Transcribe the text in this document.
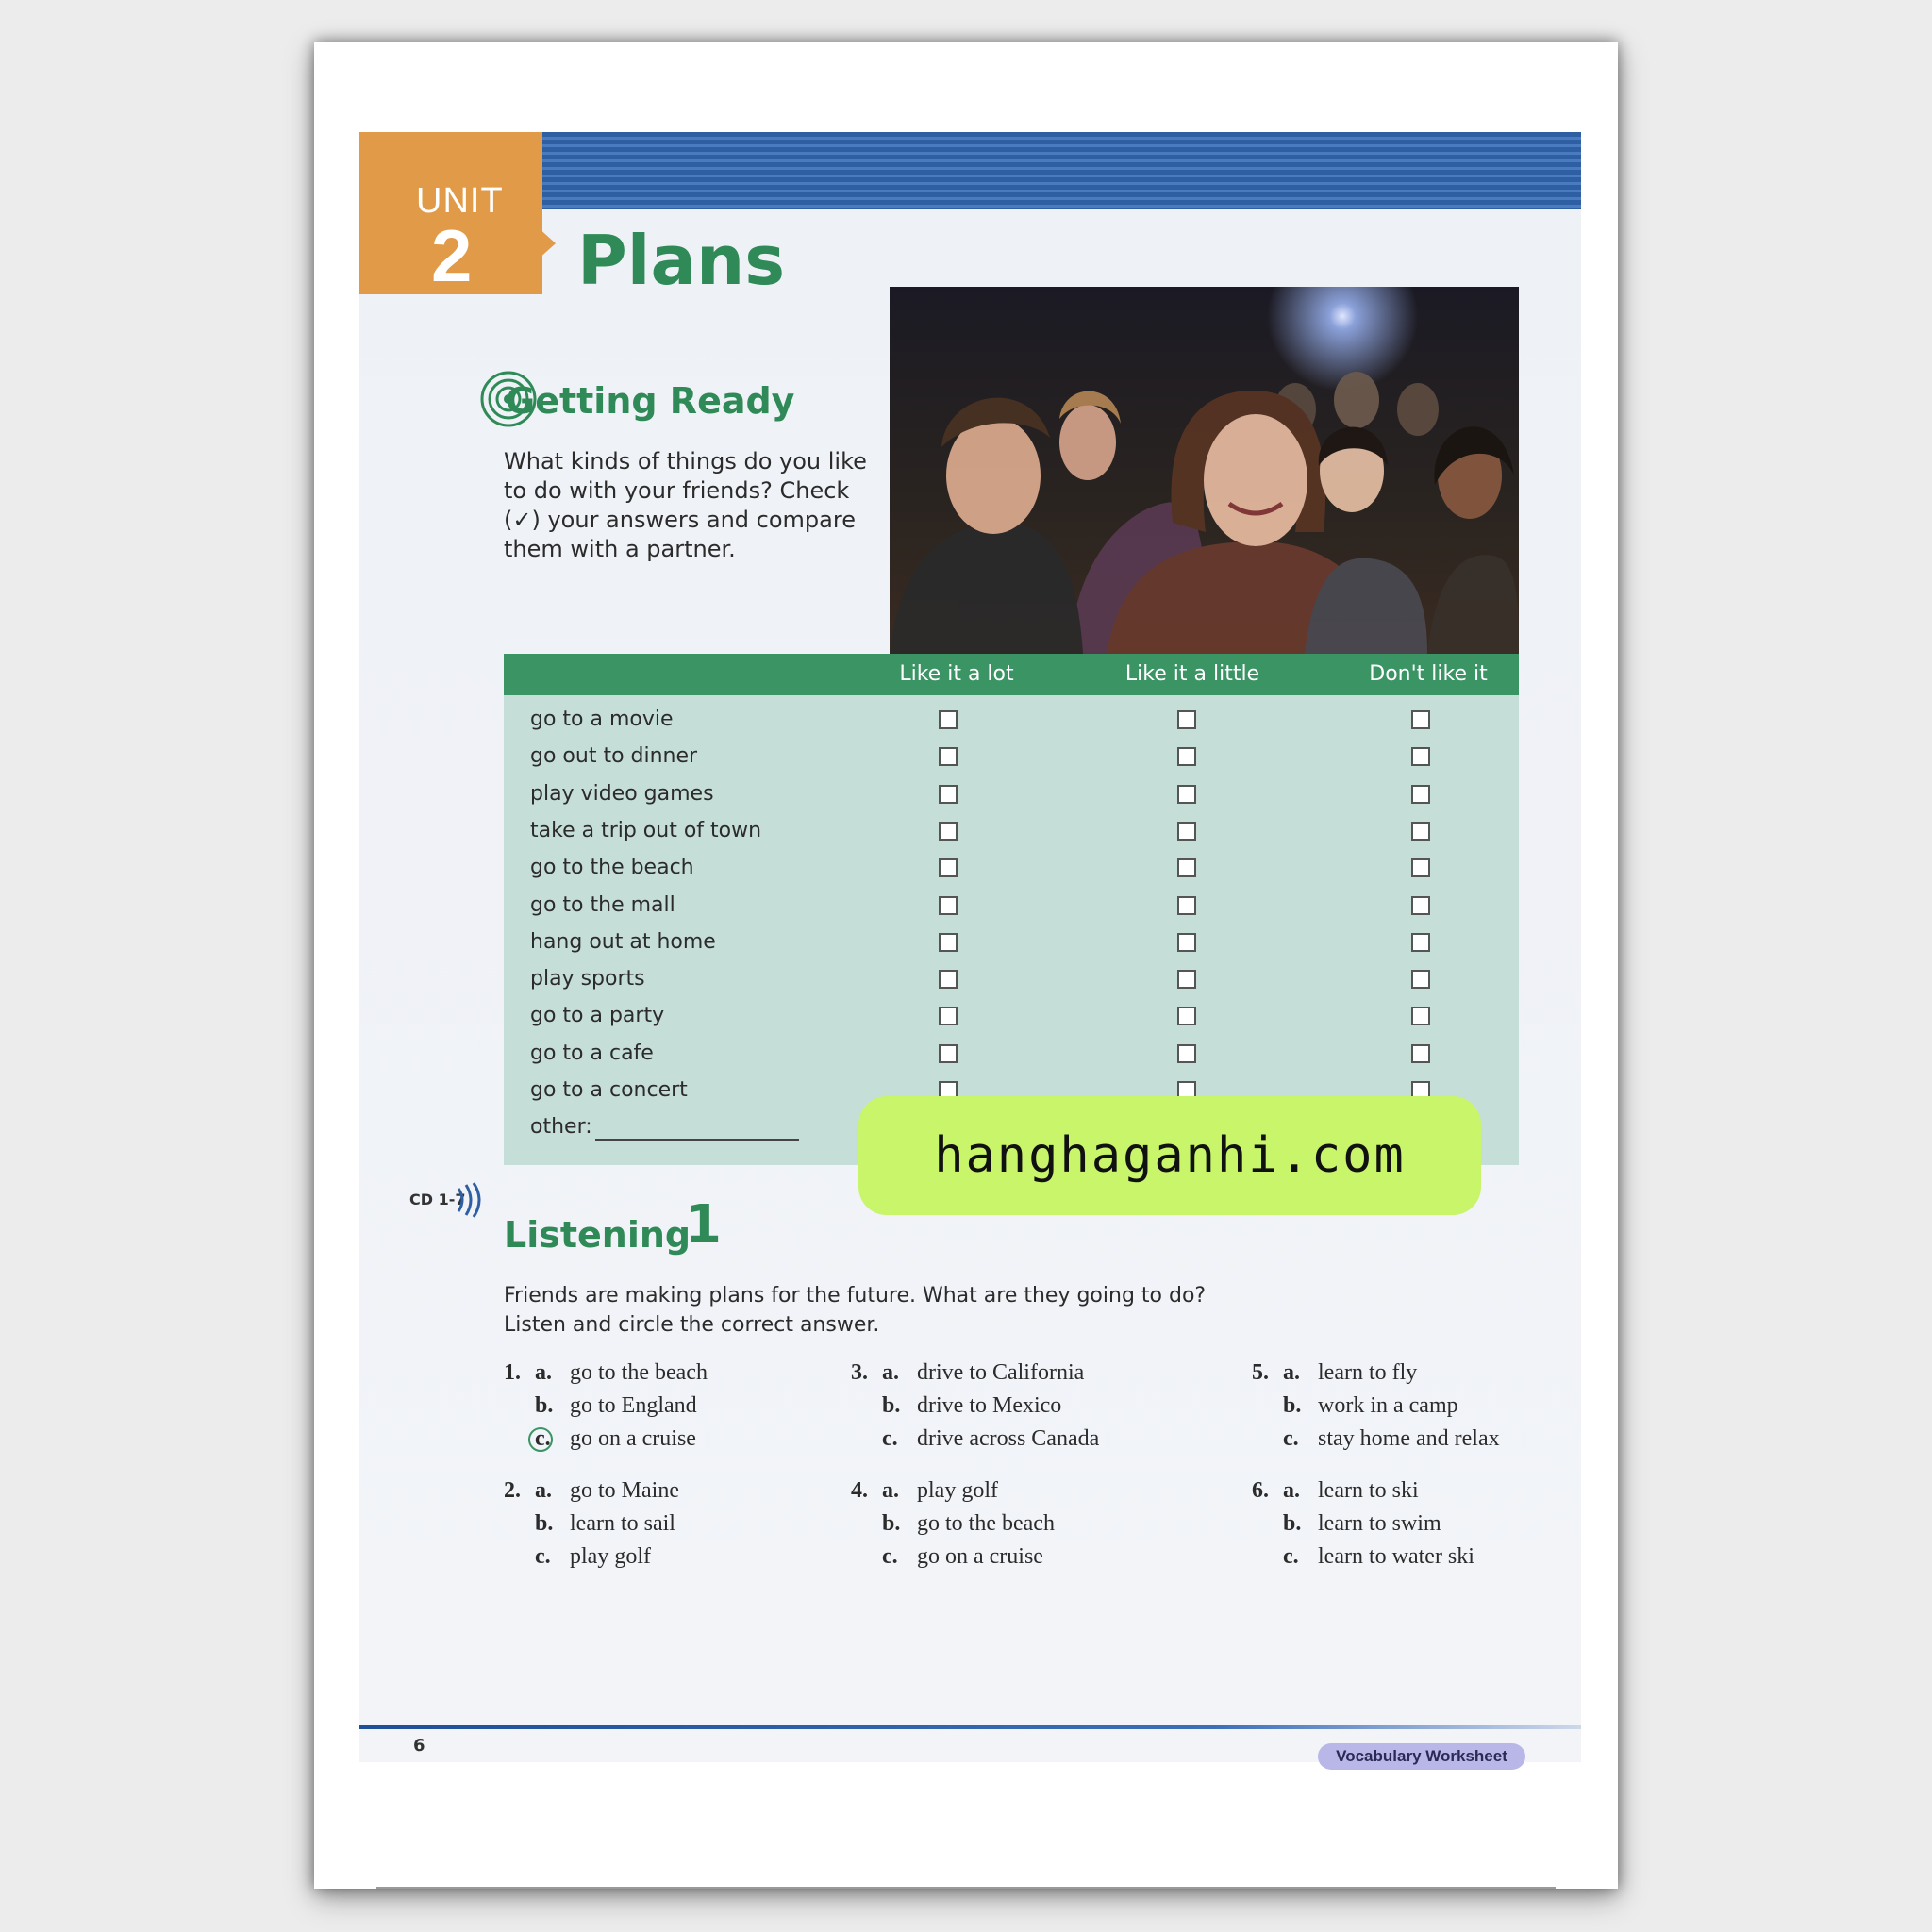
UNIT
2 Plans
Getting Ready
What kinds of things do you like to do with your friends? Check (✓) your answers and compare them with a partner.
Like it a lot	Like it a little	Don't like it
go to a movie
go out to dinner
play video games
take a trip out of town
go to the beach
go to the mall
hang out at home
play sports
go to a party
go to a cafe
go to a concert
other:
Listening
1
Friends are making plans for the future. What are they going to do?
Listen and circle the correct answer.
1. a. go to the beach
b. go to England
c. go on a cruise
2. a. go to Maine
b. learn to sail
c. play golf
3. a. drive to California
b. drive to Mexico
c. drive across Canada
4. a. play golf
b. go to the beach
c. go on a cruise
5. a. learn to fly
b. work in a camp
c. stay home and relax
6. a. learn to ski
b. learn to swim
c. learn to water ski
6
Vocabulary Worksheet
CD 1-7
hanghaganhi.com
